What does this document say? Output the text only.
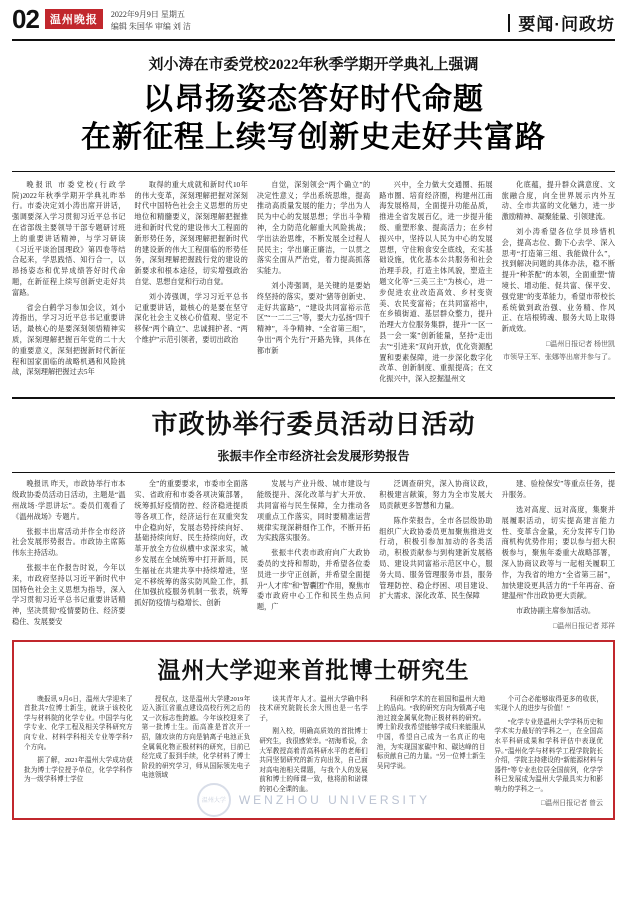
02	温州晚报	2022年9月9日 星期五
编辑 朱国华 审编 刘 洁	要闻·问政坊
刘小涛在市委党校2022年秋季学期开学典礼上强调
以昂扬姿态答好时代命题
在新征程上续写创新史走好共富路

晚报讯 市委党校(行政学院)2022年秋季学期开学典礼昨举行。市委决定刘小涛出席开讲话，强调要深入学习贯彻习近平总书记在省部级主要领导干部专题研讨班上的重要讲话精神，与学习研读《习近平谈治国理政》第四卷等结合起来，学思践悟、知行合一，以昂扬姿态和优异成绩答好时代命题，在新征程上续写创新史走好共富路。

省会白鹤学习参加会议，刘小涛指出，学习习近平总书记重要讲话，最核心的是要深刻领悟精神实质，深刻理解把握百年党的二十大的重要意义，深刻把握新时代新征程和国家面临的战略机遇和风险挑战，深刻理解把握过去5年

取得的重大成就和新时代10年的伟大变革，深刻理解把握对深刻时代中国特色社会主义思想的历史地位和精髓要义，深刻理解把握推进和新时代党的建设伟大工程面的新形势任务，深刻理解把握新时代的建设新的伟大工程面临的形势任务，深刻理解把握践行党的建设的新要求和根本途径，切实增强政治自觉、思想自觉和行动自觉。

刘小涛强调，学习习近平总书记重要讲话，最核心的是要在坚守深化社会主义核心价值观、坚定不移保“两个确立”、忠诚拥护者、“两个维护”示范引领者，要切出政治

自觉，深刻领会“两个确立”的决定性意义；学出系统思维，提高推动高质量发展的能力；学出为人民为中心的发展思想；学出斗争精神，全力防范化解重大风险挑战；学出法治思维，不断发展全过程人民民主；学出廉正廉洁，一以贯之落实全面从严治党，着力提高抓落实能力。

刘小涛强调，是关键的是要始终坚持的落实，要对“猪等创新史、走好共富路”，“建设共同富裕示范区”“一二二三”等，要大力弘扬“四千精神”，斗争精神、“全省第三组”，争出“两个先行”开路先锋，具体在都市新

兴中，全力做大交通圈、拓展路市圈、培育经济圈，构建州江南海发展格局，全面提升功能品质，推进全省发展百亿，进一步提升能级、重塑形象、提高活力；在乡村振兴中，坚持以人民为中心的发展思想，守住粮食安全底线，充实基础设施，优化基本公共服务和社会治理手段，打造主体风貌，塑造主题文化等“三美三主”为核心，进一步促进农业改造高效、乡村变资美、农民变富裕；在共同富裕中，在乡镇街道、基层群众整力，提升治理大方位服务集群，提升“一区一县一会一案”创新能量，坚持“走出去”“引进来”双向开放，优化资源配置和要素保障，进一步深化数字化改革、创新制度、重振提高；在文化振兴中，深入挖掘温州文

化底蕴，提升群众满意度、文旅融合度，向全世界展示内外互动、全市共富的文化魅力，进一步激励精神、凝聚能量、引领建流。

刘小涛希望各位学员珍惜机会，提高志位、勤下心去学、深入思考“打造第三组、我能做什么”，找到解决问题的具体办法，稳不断提升“种茶配”的本领，全面重塑“情境长、增动能、促共富、保平安、强党建”的变革能力，希望市带校长系统做到政治强、业务精、作风正、在培根铸魂、服务大局上取得新成效。

□温州日报记者 杨世凯
市领导王军、张娜等出席并参与了。
市政协举行委员活动日活动
张振丰作全市经济社会发展形势报告

晚报讯 昨天，市政协举行市本级政协委员活动日活动，主题是“温州战场·学思讲坛”。委员们观看了《温州战场》专题片。

张振丰出席活动并作全市经济社会发展形势报告。市政协主席陈伟东主持活动。

张振丰在作报告时说，今年以来，市政府坚持以习近平新时代中国特色社会主义思想为指导，深入学习贯彻习近平总书记重要讲话精神，坚决贯彻“疫情要防住、经济要稳住、发展要安

全”的重要要求，市委市全面落实、省政府和市委各项决策部署，统筹抓好疫情防控、经济稳进提质等各项工作，经济运行在双重突发中企稳向好，发展态势持续向好、基础持续向好、民生持续向好，改革开放全方位纵横中求深求实，城乡发展在全域统筹中打开新局，民生福祉在共建共享中持续增进，坚定不移统筹的落实防风险工作，抓住加强抗疫服务机制一张表，统筹抓好防疫情与稳增长、创新

发展与产业升级、城市建设与能级提升、深化改革与扩大开放、共同富裕与民生保障，全力推动各项重点工作落实，同时要精准运营规律实现深耕细作工作，不断开拓为实践落实服务。

张振丰代表市政府向广大政协委员的支持和帮助，并希望各位委员进一步守正创新，并希望全面提升“人才库”和“智囊团”作用，聚焦市委市政府中心工作和民生热点问题，广

泛调查研究，深入协商议政，积极建言献策，努力为全市发展大局贡献更多智慧和力量。

陈作荣报告，全市各层级协助组织广大政协委员更加聚焦推进支行动，积极引参加加动的各类活动，积极贡献参与到构建新发展格局、建设共同富裕示范区中心，服务大局、服务管理服务市县，服务管理防控、稳企纾困、项目建设、扩大需求、深化改革、民生保障

建、验检保安”等重点任务，提升服务。

选对高度、远对高度，集聚并展履职活动，切实提高建言能力性、变革含金量，充分发挥专门协商机构优势作用；要以参与招大积极参与，聚焦年委重大战略部署，深入协商议政等与一起相关履职工作，为我省的地方“全省第三届”，加快建设更具活力的“千年再奋、奋建温州”作出政协更大贡献。

市政协副主席参加活动。

□温州日报记者 郑祥
温州大学迎来首批博士研究生

晚报讯 9月6日，温州大学迎来了首批共7位博士新生，就读于该校化学与材料院的化学专业。中国学与化学专业、化学工程及相关学科研究方向专业、材料学科相关专业等学科7个方向。

据了解，2021年温州大学成功获批为博士学位授予单位，化学学科作为一级学科博士学位

授权点，这是温州大学建2019年迈入浙江省重点建设高校行列之后的又一次标志性跨越。今年该校迎来了第一批博士生。而高准是首次开一招，随攻读的方向是钠离子电池正负全属氧化物正极材料的研究，目前已经完成了报到手续，化学材料了博士阶段的研究学习，师从国际领先电子电池领域

谈其青年人才。温州大学确中科技术研究院院长余大围也是一名学子，

刚入校，明确高质效的首批博士研究生，我很感荣幸。“初海希说，余大军教授高着青高科研水平的老师们共同坚韧研究的新方向出发，自己面对高电池相关课题，与我个人的发展前和博士的师课一致，他将前和诺课的初心全课的血。

科研和学术的在祖国和温州大地上的品向。“我的研究方向为锁离子电池过渡金属氧化物正极材料的研究。博士阶段我希望能够学成归来能服从中国，希望自己成为一名真正的电池，为实现国家碳中和、碳达峰的目标贡献自己的力量。“另一位博士新生吴同学说。

个可合必能够取得更多的收获，实现个人的进步与价值！”

“化学专业是温州大学学科历史和学术实力最好的学科之一，在全国高水平科研成果和学科评估中表现优异。”温州化学与材料学工程学院院长介绍，学院主持建设的“新能源材料与器件”等专业也位居全国前列，化学学科已发展成为温州大学最具实力和影响力的学科之一。

□温州日报记者 曾云
温州大学	WENZHOU UNIVERSITY
